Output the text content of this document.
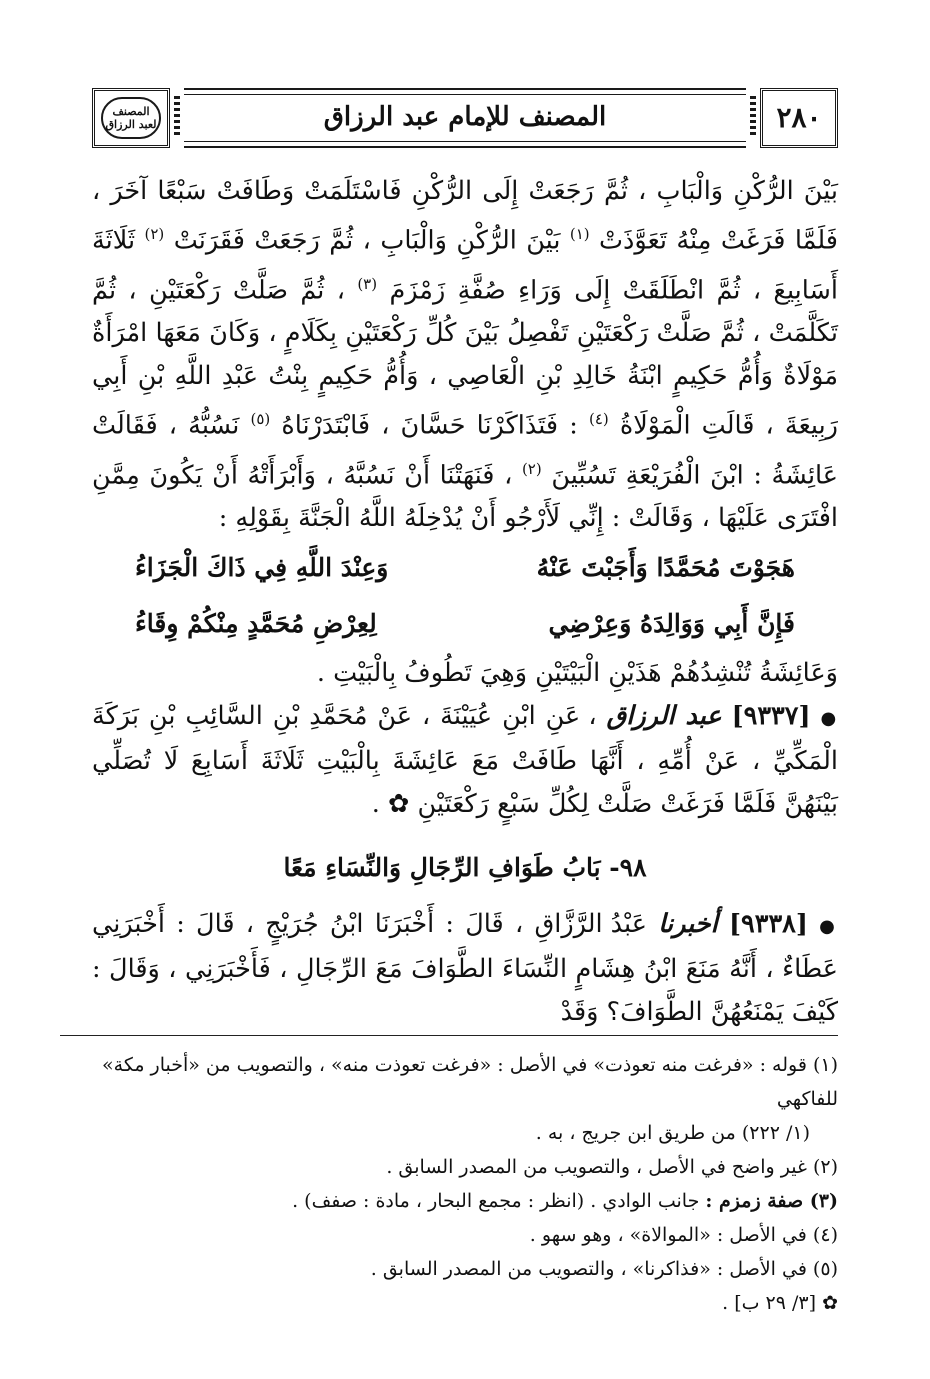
المصنف
لعبد الرزاق	المصنف للإمام عبد الرزاق	٢٨٠

بَيْنَ الرُّكْنِ وَالْبَابِ ، ثُمَّ رَجَعَتْ إِلَى الرُّكْنِ فَاسْتَلَمَتْ وَطَافَتْ سَبْعًا آخَرَ ، فَلَمَّا فَرَغَتْ مِنْهُ تَعَوَّذَتْ $^{(١)}$ بَيْنَ الرُّكْنِ وَالْبَابِ ، ثُمَّ رَجَعَتْ فَقَرَنَتْ $^{(٢)}$ ثَلَاثَةَ أَسَابِيعَ ، ثُمَّ انْطَلَقَتْ إِلَى وَرَاءِ صُفَّةِ زَمْزَمَ $^{(٣)}$ ، ثُمَّ صَلَّتْ رَكْعَتَيْنِ ، ثُمَّ تَكَلَّمَتْ ، ثُمَّ صَلَّتْ رَكْعَتَيْنِ تَفْصِلُ بَيْنَ كُلِّ رَكْعَتَيْنِ بِكَلَامٍ ، وَكَانَ مَعَهَا امْرَأَةٌ مَوْلَاةٌ وَأُمُّ حَكِيمٍ ابْنَةُ خَالِدِ بْنِ الْعَاصِي ، وَأُمُّ حَكِيمٍ بِنْتُ عَبْدِ اللَّهِ بْنِ أَبِي رَبِيعَةَ ، قَالَتِ الْمَوْلَاةُ $^{(٤)}$ : فَتَذَاكَرْنَا حَسَّانَ ، فَابْتَدَرْنَاهُ $^{(٥)}$ نَسُبُّهُ ، فَقَالَتْ عَائِشَةُ : ابْنَ الْفُرَيْعَةِ تَسُبِّينَ $^{(٢)}$ ، فَنَهَتْنَا أَنْ نَسُبَّهُ ، وَأَبْرَأَتْهُ أَنْ يَكُونَ مِمَّنِ افْتَرَى عَلَيْهَا ، وَقَالَتْ : إِنِّي لَأَرْجُو أَنْ يُدْخِلَهُ اللَّهُ الْجَنَّةَ بِقَوْلِهِ :

هَجَوْتَ مُحَمَّدًا وَأَجَبْتَ عَنْهُ
وَعِنْدَ اللَّهِ فِي ذَاكَ الْجَزَاءُ
فَإِنَّ أَبِي وَوَالِدَهُ وَعِرْضِي
لِعِرْضِ مُحَمَّدٍ مِنْكُمْ وِقَاءُ

وَعَائِشَةُ تُنْشِدُهُمْ هَذَيْنِ الْبَيْتَيْنِ وَهِيَ تَطُوفُ بِالْبَيْتِ .

● [٩٣٣٧] عبد الرزاق ، عَنِ ابْنِ عُيَيْنَةَ ، عَنْ مُحَمَّدِ بْنِ السَّائِبِ بْنِ بَرَكَةَ الْمَكِّيِّ ، عَنْ أُمِّهِ ، أَنَّهَا طَافَتْ مَعَ عَائِشَةَ بِالْبَيْتِ ثَلَاثَةَ أَسَابِعَ لَا تُصَلِّي بَيْنَهُنَّ فَلَمَّا فَرَغَتْ صَلَّتْ لِكُلِّ سَبْعٍ رَكْعَتَيْنِ ✿ .

٩٨- بَابُ طَوَافِ الرِّجَالِ وَالنِّسَاءِ مَعًا

● [٩٣٣٨] أخبرنا عَبْدُ الرَّزَّاقِ ، قَالَ : أَخْبَرَنَا ابْنُ جُرَيْجٍ ، قَالَ : أَخْبَرَنِي عَطَاءٌ ، أَنَّهُ مَنَعَ ابْنُ هِشَامٍ النِّسَاءَ الطَّوَافَ مَعَ الرِّجَالِ ، فَأَخْبَرَنِي ، وَقَالَ : كَيْفَ يَمْنَعُهُنَّ الطَّوَافَ؟ وَقَدْ

(١) قوله : «فرغت منه تعوذت» في الأصل : «فرغت تعوذت منه» ، والتصويب من «أخبار مكة» للفاكهي
(١/ ٢٢٢) من طريق ابن جريج ، به .
(٢) غير واضح في الأصل ، والتصويب من المصدر السابق .
(٣) صفة زمزم : جانب الوادي . (انظر : مجمع البحار ، مادة : صفف) .
(٤) في الأصل : «الموالاة» ، وهو سهو .
(٥) في الأصل : «فذاكرنا» ، والتصويب من المصدر السابق .
✿ [٣/ ٢٩ ب] .
